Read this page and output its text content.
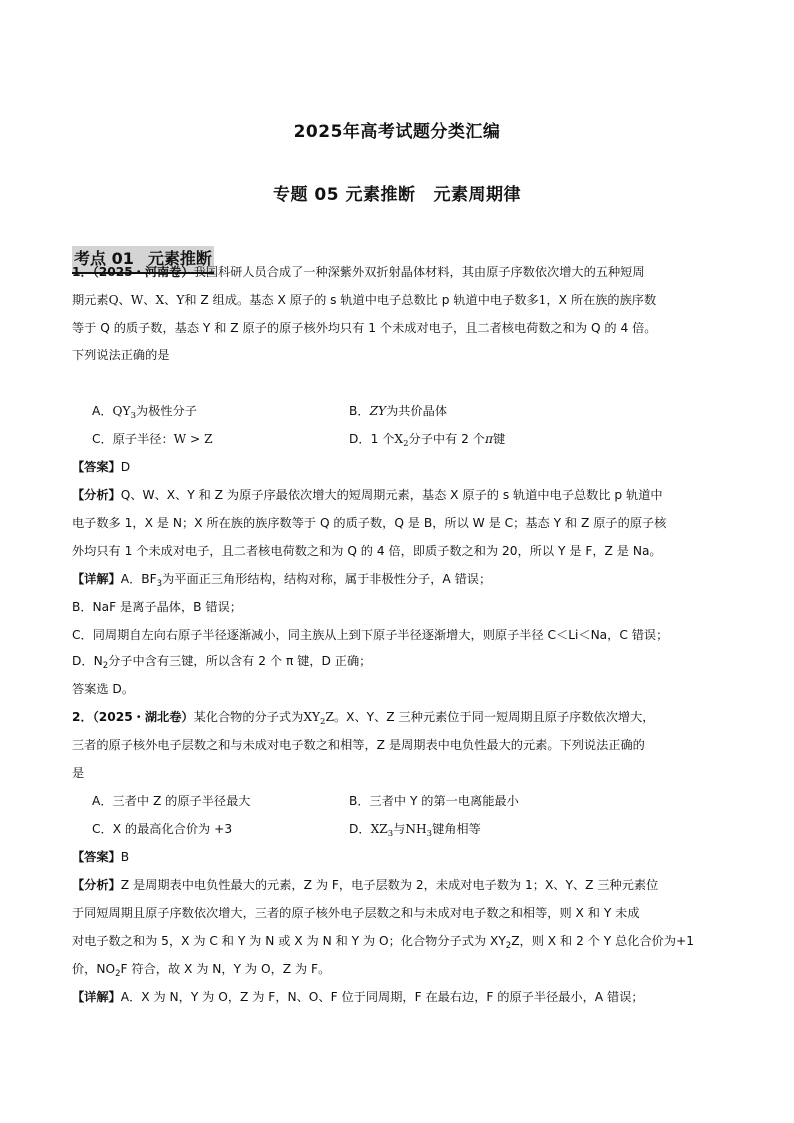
2025年高考试题分类汇编
专题 05 元素推断 元素周期律
考点 01 元素推断
1．（2025・河南卷）我国科研人员合成了一种深紫外双折射晶体材料，其由原子序数依次增大的五种短周
期元素Q、W、X、Y和 Z 组成。基态 X 原子的 s 轨道中电子总数比 p 轨道中电子数多1，X 所在族的族序数
等于 Q 的质子数，基态 Y 和 Z 原子的原子核外均只有 1 个未成对电子，且二者核电荷数之和为 Q 的 4 倍。
下列说法正确的是
A．$QY_3$为极性分子	B．ZY为共价晶体
C．原子半径：W > Z	D．1 个$X_2$分子中有 2 个π键
【答案】D
【分析】Q、W、X、Y 和 Z 为原子序最依次增大的短周期元素，基态 X 原子的 s 轨道中电子总数比 p 轨道中
电子数多 1，X 是 N；X 所在族的族序数等于 Q 的质子数，Q 是 B，所以 W 是 C；基态 Y 和 Z 原子的原子核
外均只有 1 个未成对电子，且二者核电荷数之和为 Q 的 4 倍，即质子数之和为 20，所以 Y 是 F，Z 是 Na。
【详解】A．$BF_3$为平面正三角形结构，结构对称，属于非极性分子，A 错误；
B．NaF 是离子晶体，B 错误；
C．同周期自左向右原子半径逐渐减小，同主族从上到下原子半径逐渐增大，则原子半径 C＜Li＜Na，C 错误；
D．$N_2$分子中含有三键，所以含有 2 个 π 键，D 正确；
答案选 D。
2．（2025・湖北卷）某化合物的分子式为$XY_2Z$。X、Y、Z 三种元素位于同一短周期且原子序数依次增大，
三者的原子核外电子层数之和与未成对电子数之和相等，Z 是周期表中电负性最大的元素。下列说法正确的
是
A．三者中 Z 的原子半径最大	B．三者中 Y 的第一电离能最小
C．X 的最高化合价为 +3	D．$XZ_3$与$NH_3$键角相等
【答案】B
【分析】Z 是周期表中电负性最大的元素，Z 为 F，电子层数为 2，未成对电子数为 1；X、Y、Z 三种元素位
于同短周期且原子序数依次增大，三者的原子核外电子层数之和与未成对电子数之和相等，则 X 和 Y 未成
对电子数之和为 5，X 为 C 和 Y 为 N 或 X 为 N 和 Y 为 O；化合物分子式为 $XY_2Z$，则 X 和 2 个 Y 总化合价为+1
价，$NO_2F$ 符合，故 X 为 N，Y 为 O，Z 为 F。
【详解】A．X 为 N，Y 为 O，Z 为 F，N、O、F 位于同周期，F 在最右边，F 的原子半径最小，A 错误；
